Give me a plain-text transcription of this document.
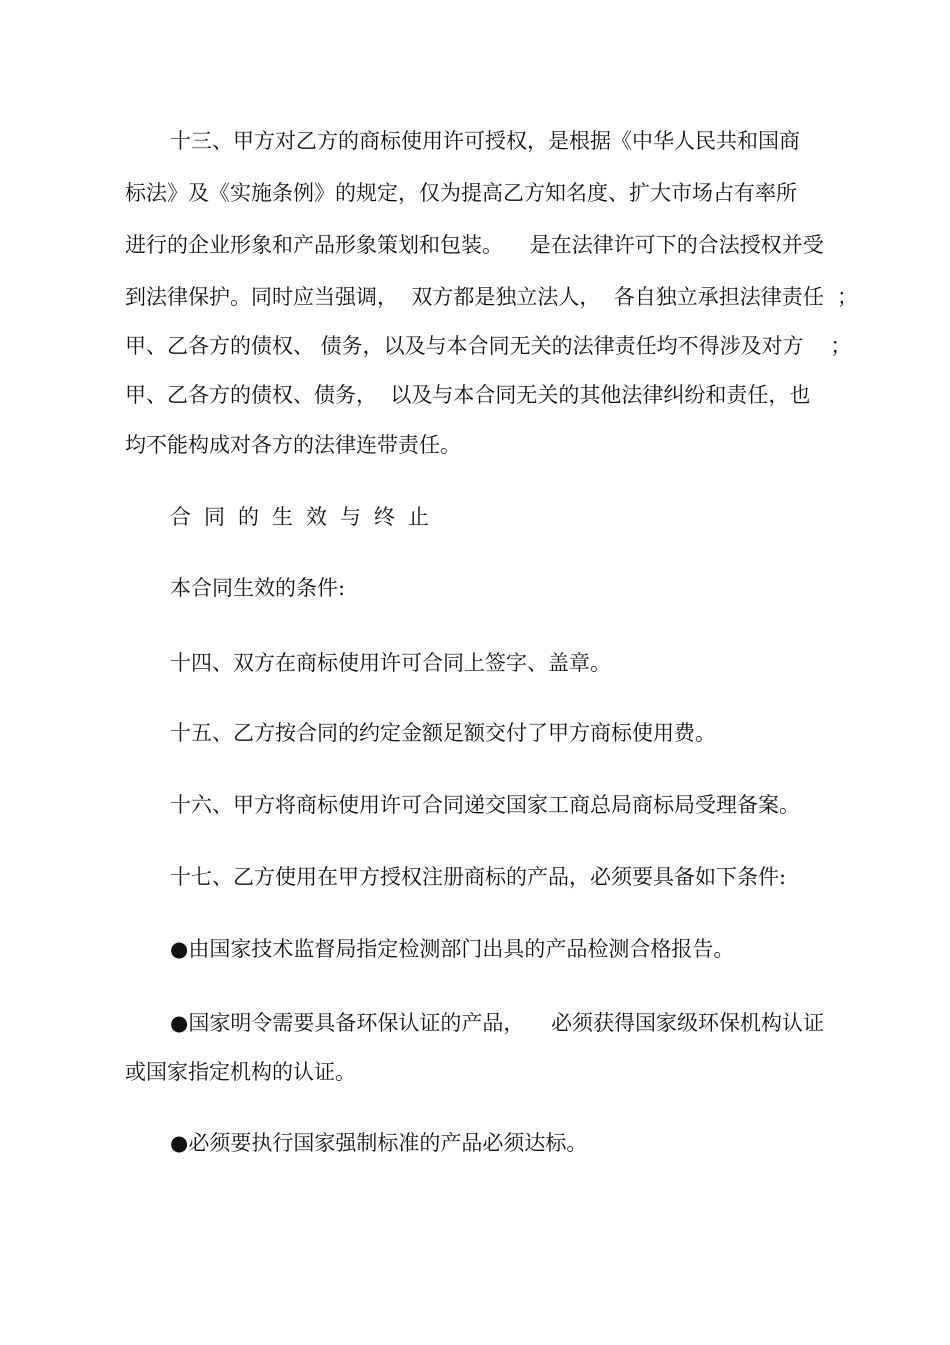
十三、甲方对乙方的商标使用许可授权，是根据《中华人民共和国商

标法》及《实施条例》的规定，仅为提高乙方知名度、扩大市场占有率所

进行的企业形象和产品形象策划和包装。    是在法律许可下的合法授权并受

到法律保护。同时应当强调，  双方都是独立法人，  各自独立承担法律责任  ；

甲、乙各方的债权、 债务，以及与本合同无关的法律责任均不得涉及对方    ；

甲、乙各方的债权、债务，  以及与本合同无关的其他法律纠纷和责任，也

均不能构成对各方的法律连带责任。

合同的生效与终止

本合同生效的条件:

十四、双方在商标使用许可合同上签字、盖章。

十五、乙方按合同的约定金额足额交付了甲方商标使用费。

十六、甲方将商标使用许可合同递交国家工商总局商标局受理备案。

十七、乙方使用在甲方授权注册商标的产品，必须要具备如下条件:

●由国家技术监督局指定检测部门出具的产品检测合格报告。

●国家明令需要具备环保认证的产品，    必须获得国家级环保机构认证

或国家指定机构的认证。

●必须要执行国家强制标准的产品必须达标。
